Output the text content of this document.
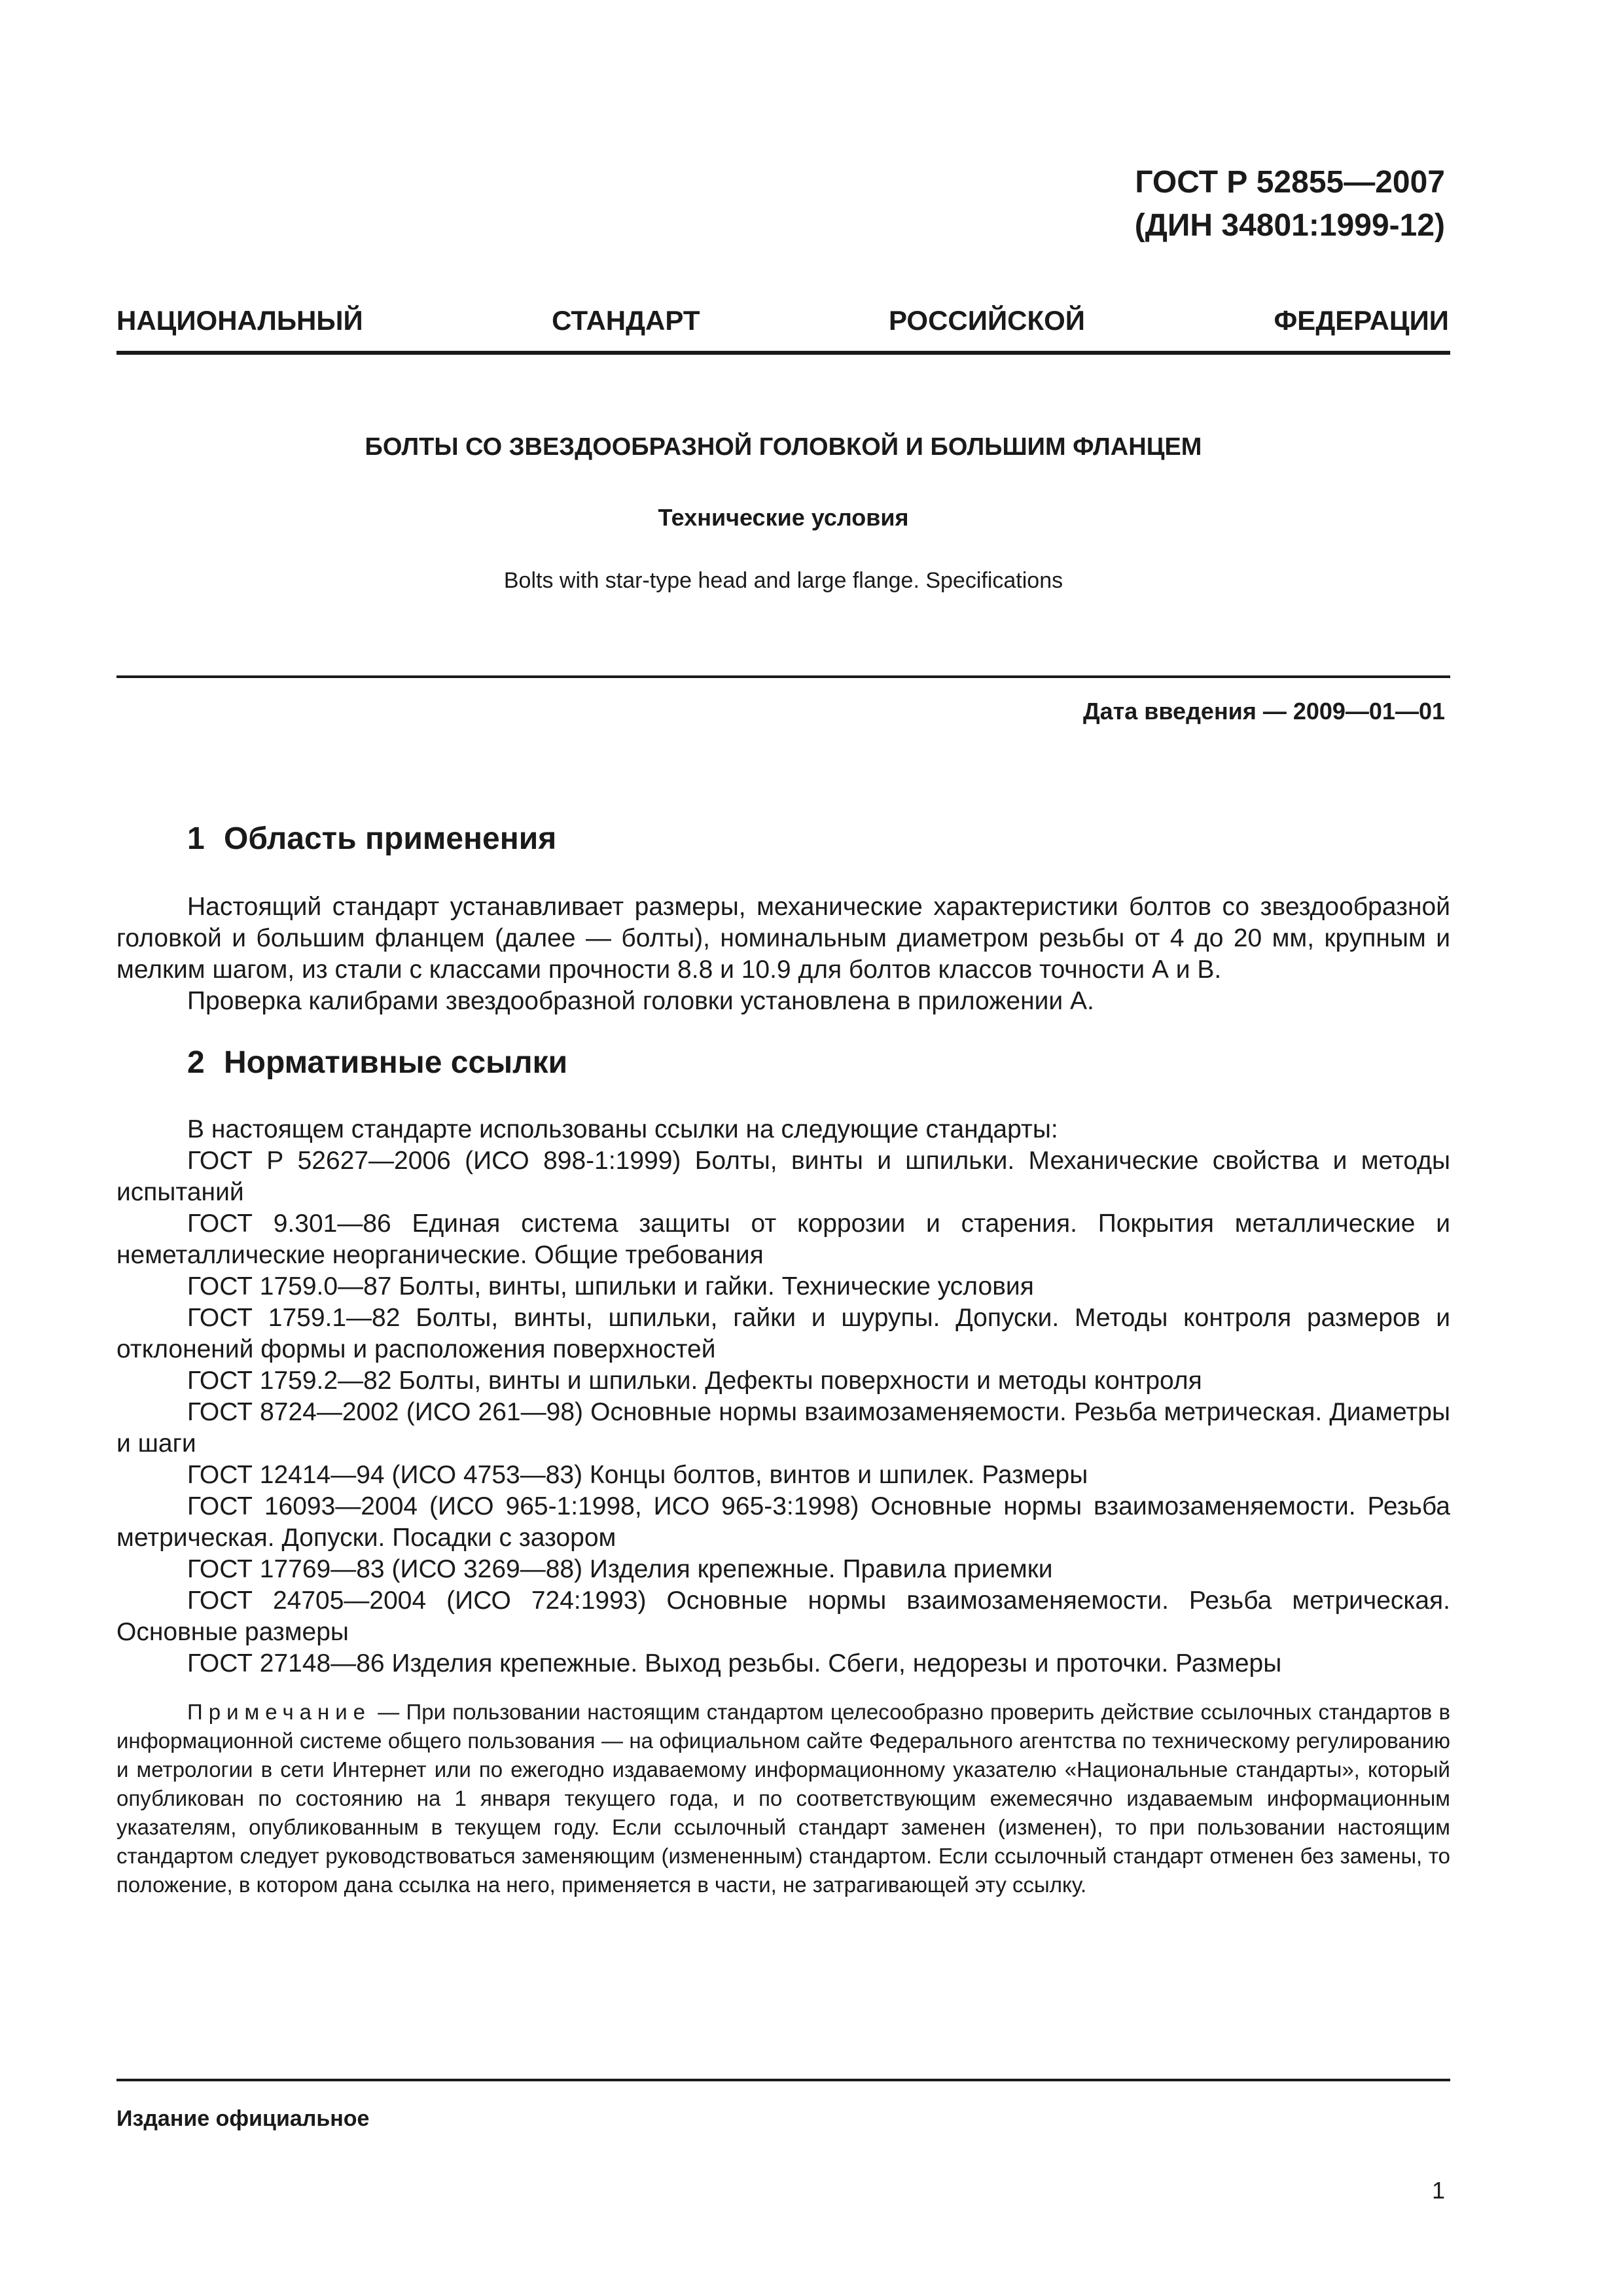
ГОСТ Р 52855—2007
(ДИН 34801:1999-12)
НАЦИОНАЛЬНЫЙ	СТАНДАРТ	РОССИЙСКОЙ	ФЕДЕРАЦИИ
БОЛТЫ СО ЗВЕЗДООБРАЗНОЙ ГОЛОВКОЙ И БОЛЬШИМ ФЛАНЦЕМ
Технические условия
Bolts with star-type head and large flange. Specifications
Дата введения — 2009—01—01
1 Область применения

Настоящий стандарт устанавливает размеры, механические характеристики болтов со звездообразной головкой и большим фланцем (далее — болты), номинальным диаметром резьбы от 4 до 20 мм, крупным и мелким шагом, из стали с классами прочности 8.8 и 10.9 для болтов классов точности А и В.

Проверка калибрами звездообразной головки установлена в приложении А.

2 Нормативные ссылки

В настоящем стандарте использованы ссылки на следующие стандарты:

ГОСТ Р 52627—2006 (ИСО 898-1:1999) Болты, винты и шпильки. Механические свойства и методы испытаний

ГОСТ 9.301—86 Единая система защиты от коррозии и старения. Покрытия металлические и неметаллические неорганические. Общие требования

ГОСТ 1759.0—87 Болты, винты, шпильки и гайки. Технические условия

ГОСТ 1759.1—82 Болты, винты, шпильки, гайки и шурупы. Допуски. Методы контроля размеров и отклонений формы и расположения поверхностей

ГОСТ 1759.2—82 Болты, винты и шпильки. Дефекты поверхности и методы контроля

ГОСТ 8724—2002 (ИСО 261—98) Основные нормы взаимозаменяемости. Резьба метрическая. Диаметры и шаги

ГОСТ 12414—94 (ИСО 4753—83) Концы болтов, винтов и шпилек. Размеры

ГОСТ 16093—2004 (ИСО 965-1:1998, ИСО 965-3:1998) Основные нормы взаимозаменяемости. Резьба метрическая. Допуски. Посадки с зазором

ГОСТ 17769—83 (ИСО 3269—88) Изделия крепежные. Правила приемки

ГОСТ 24705—2004 (ИСО 724:1993) Основные нормы взаимозаменяемости. Резьба метрическая. Основные размеры

ГОСТ 27148—86 Изделия крепежные. Выход резьбы. Сбеги, недорезы и проточки. Размеры

Примечание — При пользовании настоящим стандартом целесообразно проверить действие ссылочных стандартов в информационной системе общего пользования — на официальном сайте Федерального агентства по техническому регулированию и метрологии в сети Интернет или по ежегодно издаваемому информационному указателю «Национальные стандарты», который опубликован по состоянию на 1 января текущего года, и по соответствующим ежемесячно издаваемым информационным указателям, опубликованным в текущем году. Если ссылочный стандарт заменен (изменен), то при пользовании настоящим стандартом следует руководствоваться заменяющим (измененным) стандартом. Если ссылочный стандарт отменен без замены, то положение, в котором дана ссылка на него, применяется в части, не затрагивающей эту ссылку.

Издание официальное
1
